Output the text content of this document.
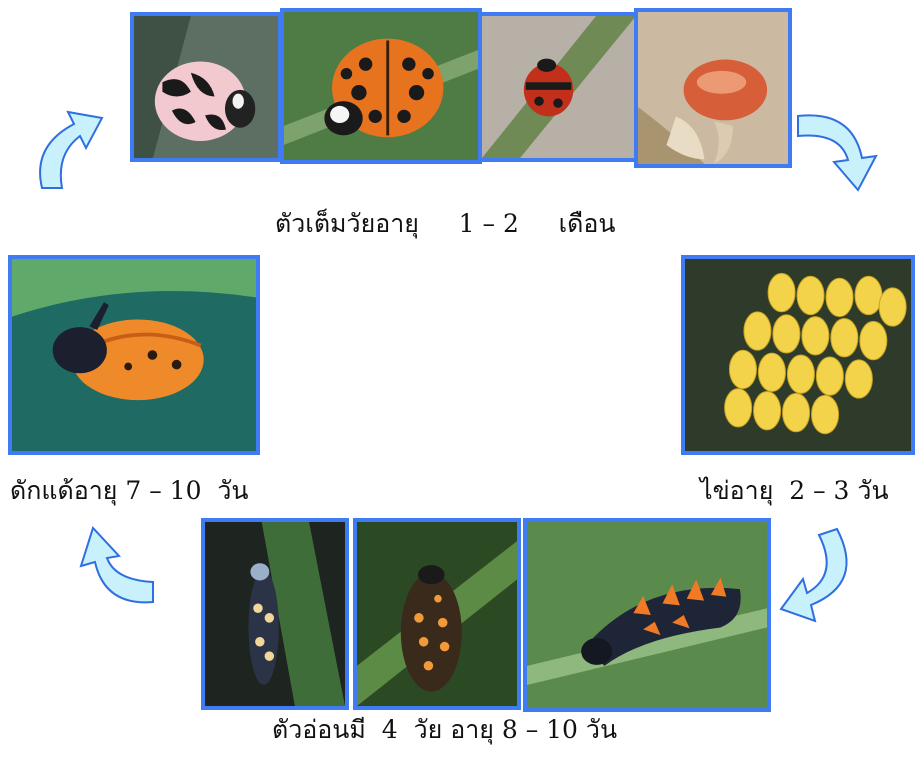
ตัวเต็มวัยอายุ     1 – 2     เดือน
ดักแด้อายุ 7 – 10  วัน	ไข่อายุ  2 – 3 วัน
ตัวอ่อนมี  4  วัย อายุ 8 – 10 วัน
